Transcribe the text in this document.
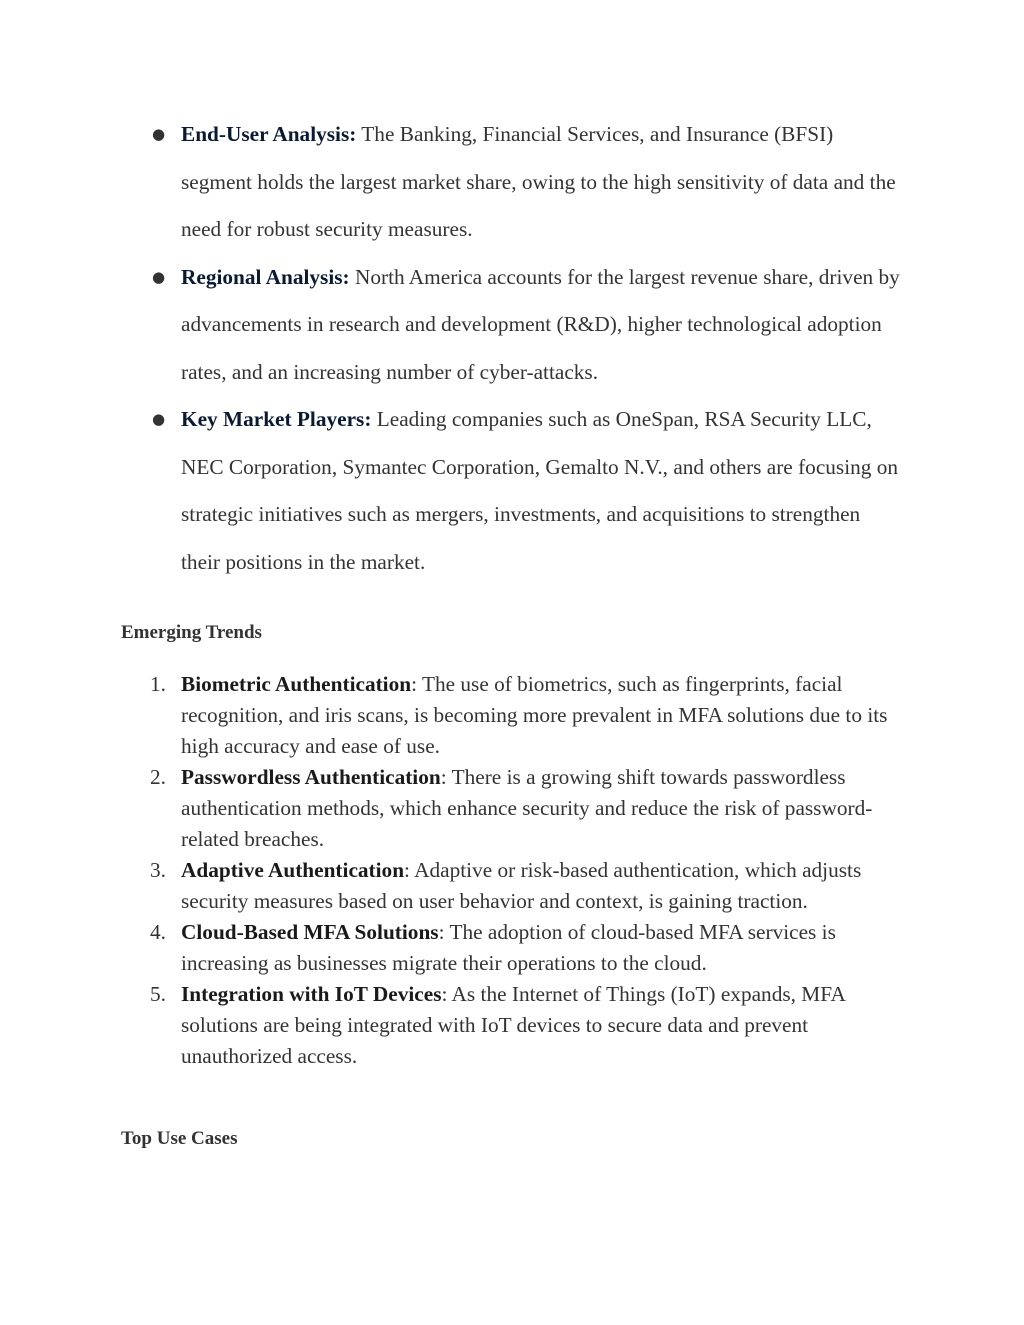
● End-User Analysis: The Banking, Financial Services, and Insurance (BFSI) segment holds the largest market share, owing to the high sensitivity of data and the need for robust security measures.
● Regional Analysis: North America accounts for the largest revenue share, driven by advancements in research and development (R&D), higher technological adoption rates, and an increasing number of cyber-attacks.
● Key Market Players: Leading companies such as OneSpan, RSA Security LLC, NEC Corporation, Symantec Corporation, Gemalto N.V., and others are focusing on strategic initiatives such as mergers, investments, and acquisitions to strengthen their positions in the market.
Emerging Trends
1. Biometric Authentication: The use of biometrics, such as fingerprints, facial recognition, and iris scans, is becoming more prevalent in MFA solutions due to its high accuracy and ease of use.
2. Passwordless Authentication: There is a growing shift towards passwordless authentication methods, which enhance security and reduce the risk of password-related breaches.
3. Adaptive Authentication: Adaptive or risk-based authentication, which adjusts security measures based on user behavior and context, is gaining traction.
4. Cloud-Based MFA Solutions: The adoption of cloud-based MFA services is increasing as businesses migrate their operations to the cloud.
5. Integration with IoT Devices: As the Internet of Things (IoT) expands, MFA solutions are being integrated with IoT devices to secure data and prevent unauthorized access.
Top Use Cases
